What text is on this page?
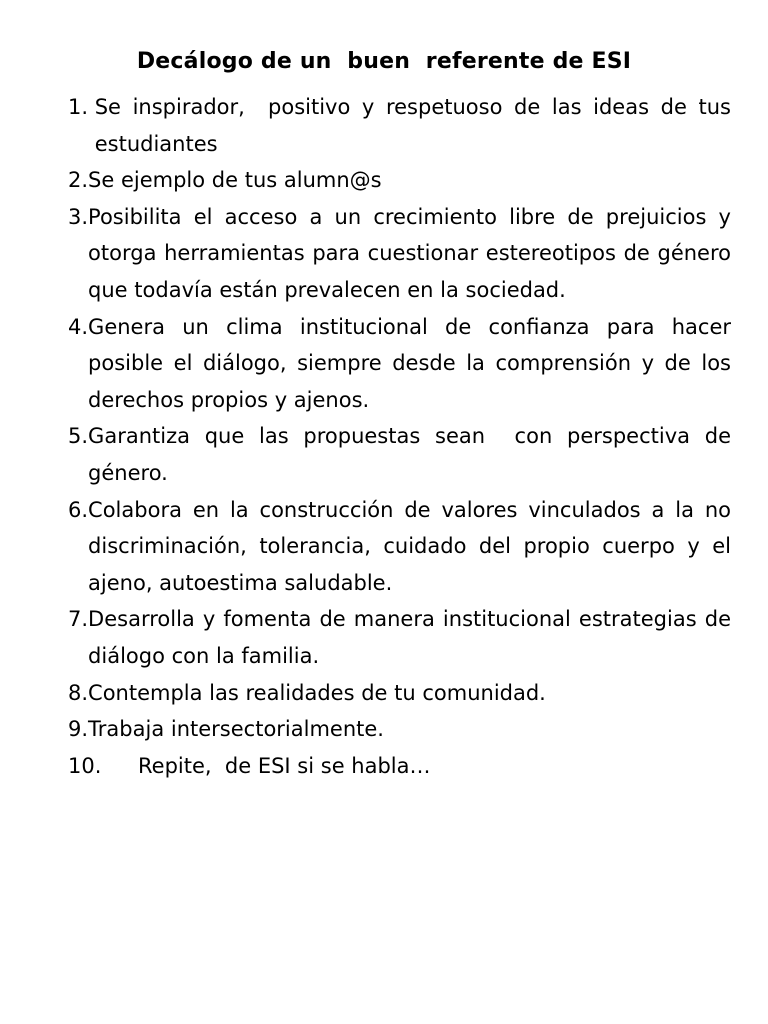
Decálogo de un  buen  referente de ESI
1. Se inspirador,  positivo y respetuoso de las ideas de tus estudiantes
2. Se ejemplo de tus alumn@s
3. Posibilita el acceso a un crecimiento libre de prejuicios y otorga herramientas para cuestionar estereotipos de género que todavía están prevalecen en la sociedad.
4. Genera un clima institucional de confianza para hacer posible el diálogo, siempre desde la comprensión y de los derechos propios y ajenos.
5. Garantiza que las propuestas sean  con perspectiva de género.
6. Colabora en la construcción de valores vinculados a la no discriminación, tolerancia, cuidado del propio cuerpo y el ajeno, autoestima saludable.
7. Desarrolla y fomenta de manera institucional estrategias de diálogo con la familia.
8. Contempla las realidades de tu comunidad.
9. Trabaja intersectorialmente.
10.	Repite,  de ESI si se habla…
